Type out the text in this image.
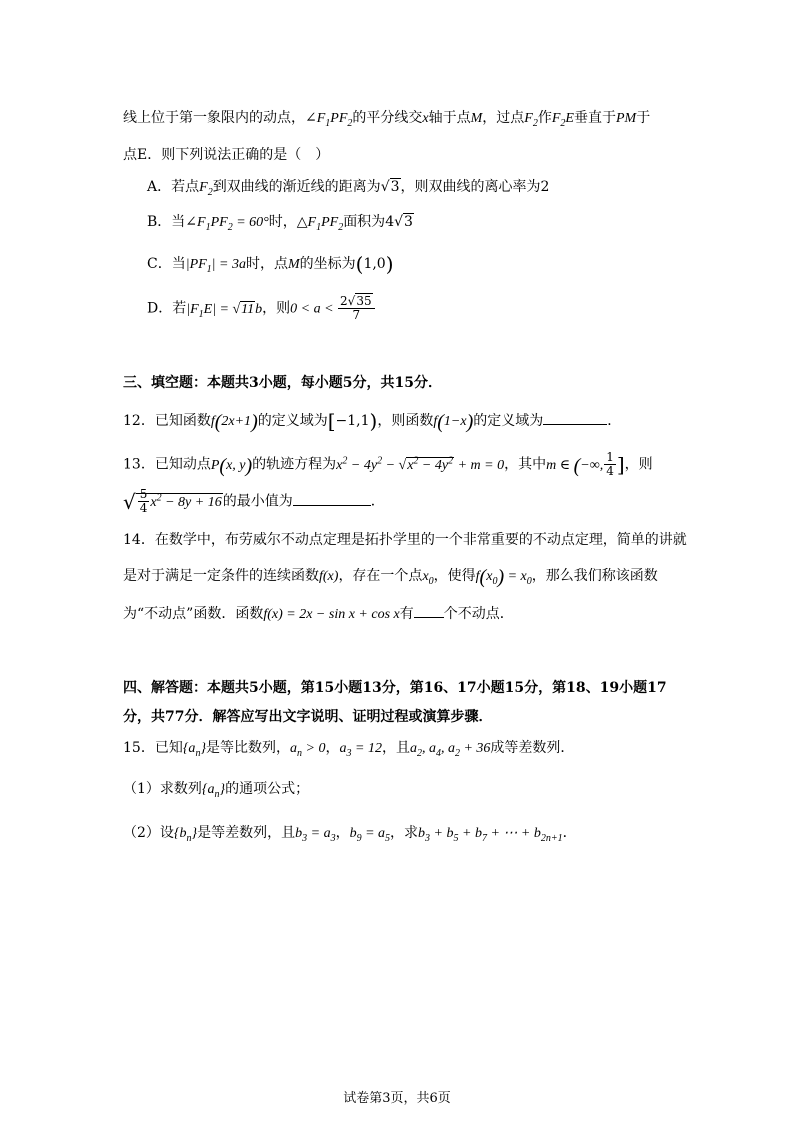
线上位于第一象限内的动点，$\angle F_1PF_2$的平分线交x轴于点M，过点$F_2$作$F_2E$垂直于PM于
点E．则下列说法正确的是（　）
A．若点$F_2$到双曲线的渐近线的距离为√3，则双曲线的离心率为2
B．当$\angle F_1PF_2 = 60^\circ$时，$\triangle F_1PF_2$面积为4√3
C．当$|PF_1| = 3a$时，点M的坐标为(1,0)
D．若$|F_1E| = √11b$，则$0 < a < \frac{2√35}{7}$
三、填空题：本题共3小题，每小题5分，共15分．
12．已知函数f(2x+1)的定义域为[−1,1)，则函数f(1−x)的定义域为	．
13．已知动点P(x, y)的轨迹方程为$x^2 - 4y^2 - √x^2 - 4y^2 + m = 0$，其中m ∈ (−∞, $\frac{1}{4}$ ]，则
√ $\frac{5}{4} x^2 - 8y + 16$的最小值为	．
14．在数学中，布劳威尔不动点定理是拓扑学里的一个非常重要的不动点定理，简单的讲就
是对于满足一定条件的连续函数f(x)，存在一个点$x_0$，使得$f(x_0) = x_0$，那么我们称该函数
为“不动点”函数．函数f(x) = 2x − sin x + cos x有 个不动点．
四、解答题：本题共5小题，第15小题13分，第16、17小题15分，第18、19小题17
分，共77分．解答应写出文字说明、证明过程或演算步骤．
15．已知$\{a_n\}$是等比数列，$a_n > 0$，$a_3 = 12$，且$a_2$, $a_4$, $a_2 + 36$成等差数列．
（1）求数列$\{a_n\}$的通项公式；
（2）设$\{b_n\}$是等差数列，且$b_3 = a_3$，$b_9 = a_5$，求$b_3 + b_5 + b_7$ + ⋯ + $b_{2n+1}$．
试卷第3页，共6页
